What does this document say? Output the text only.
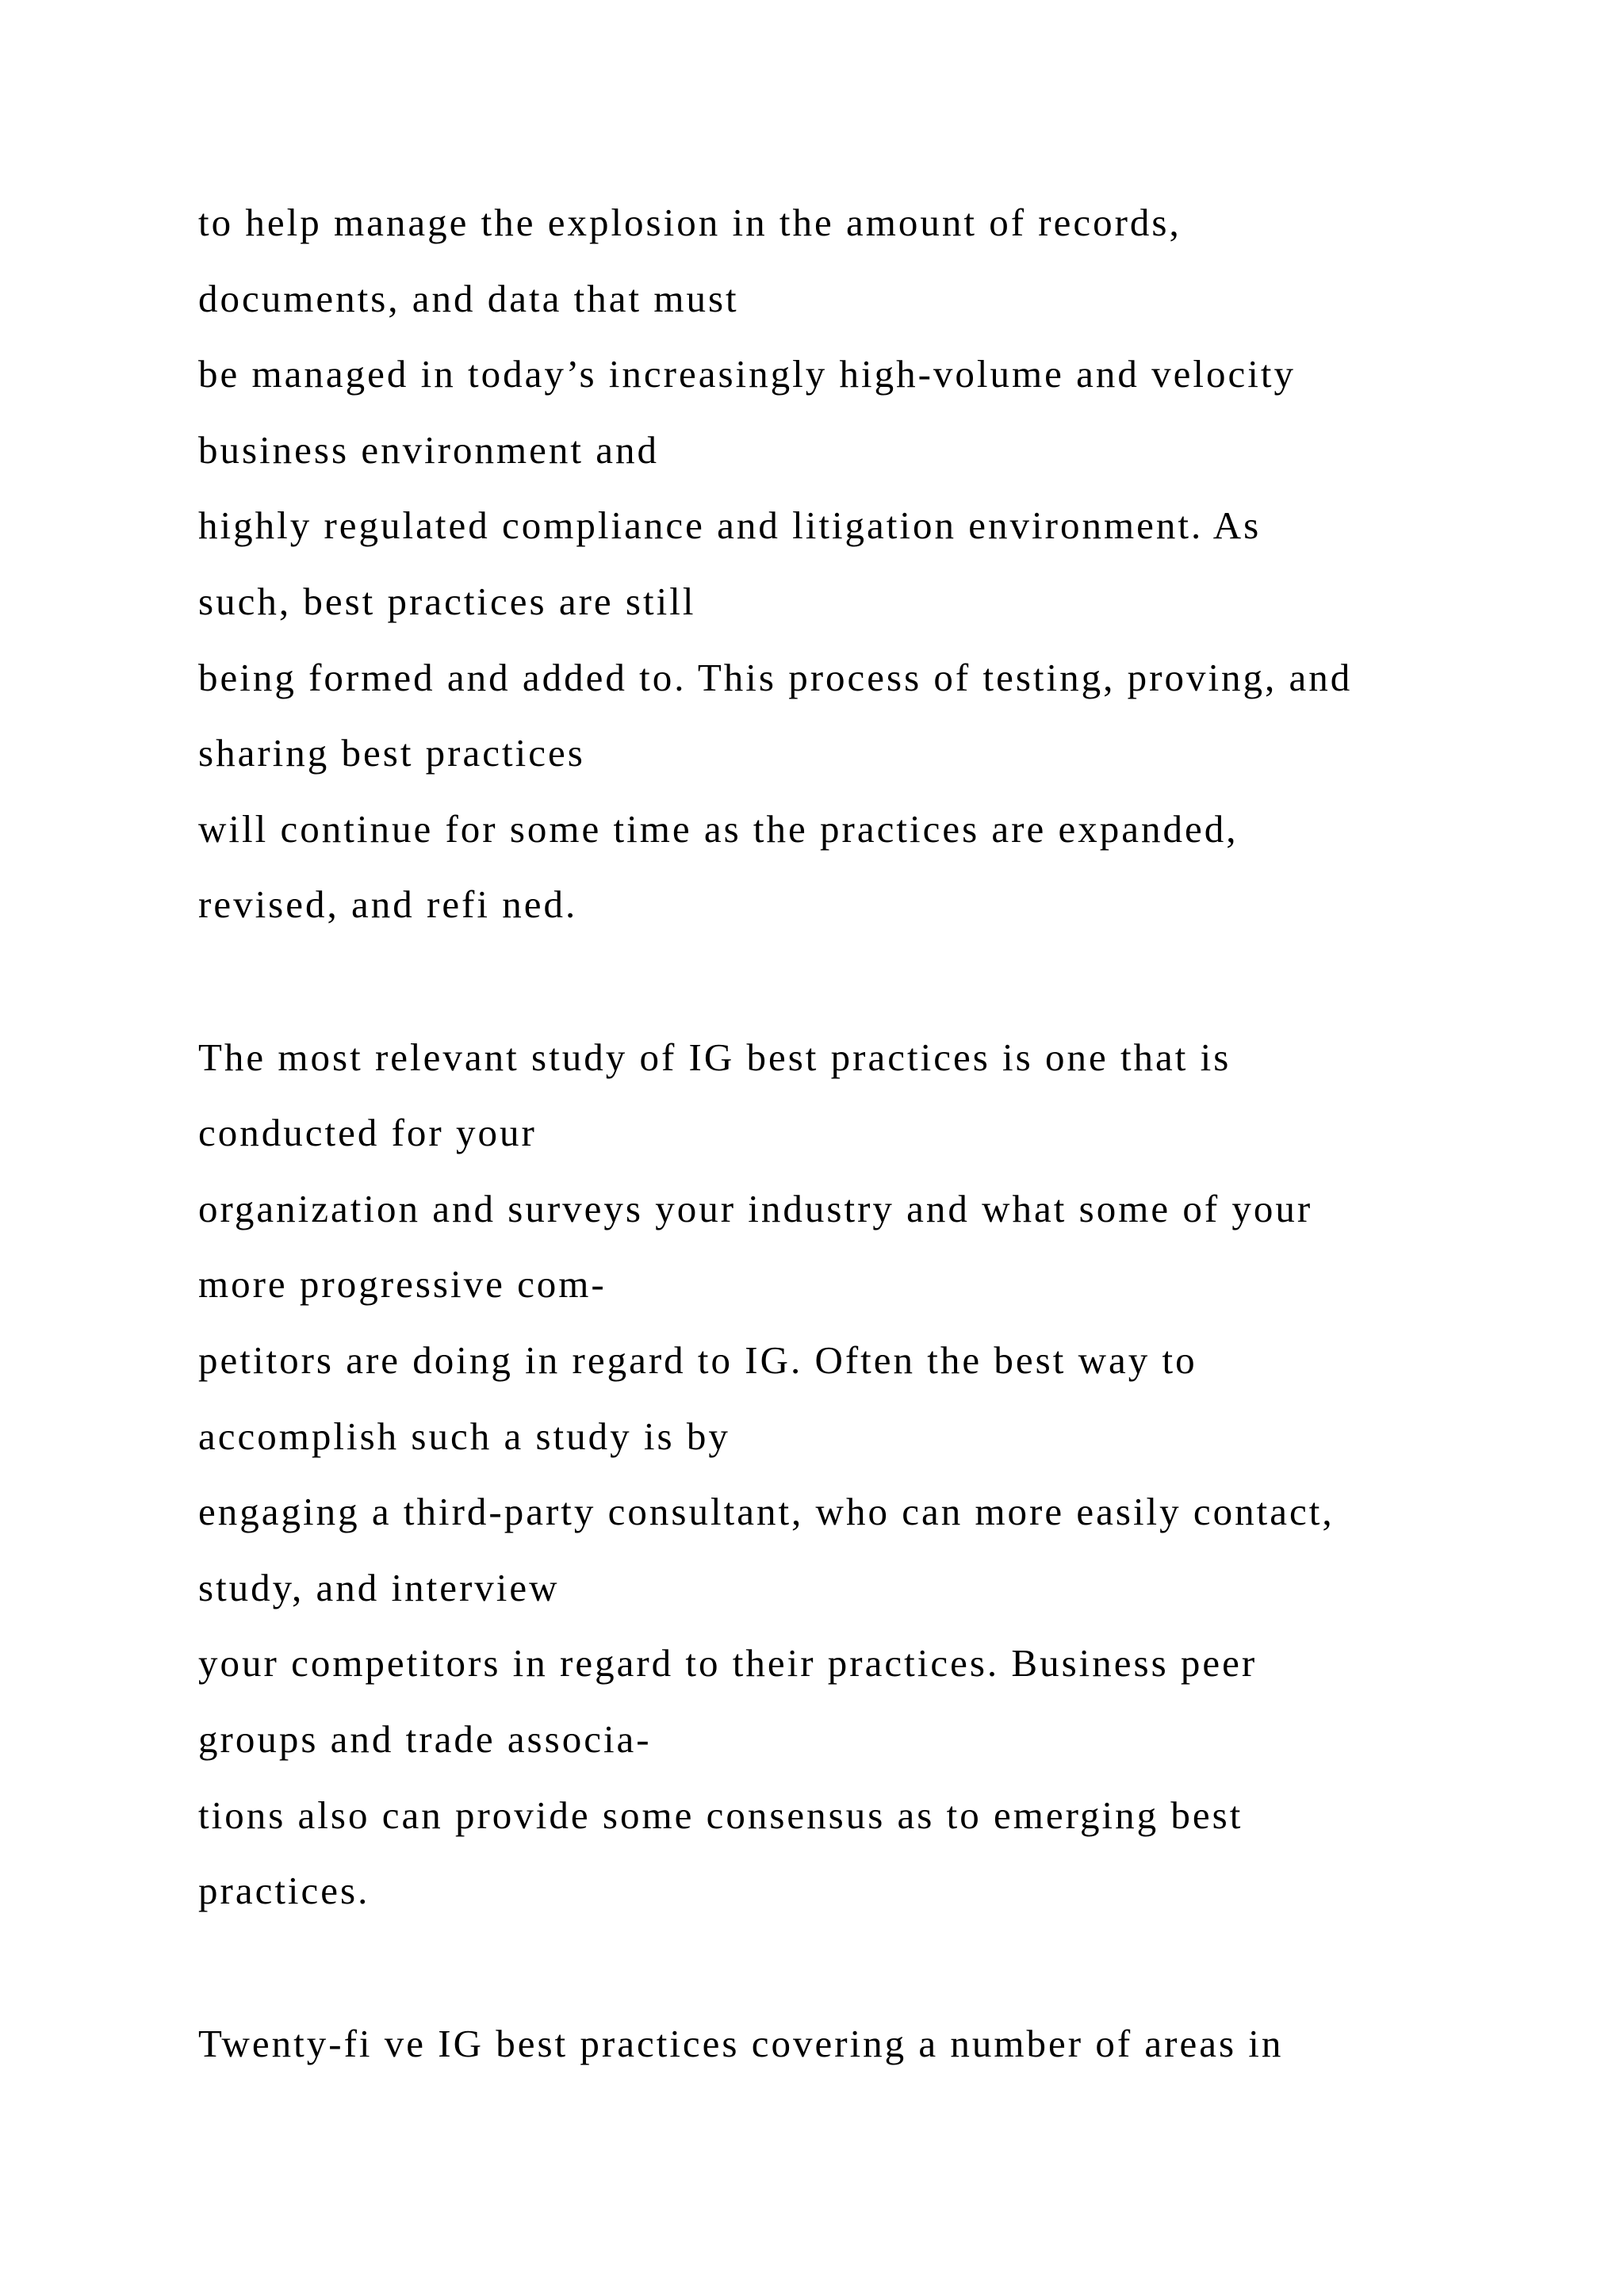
to help manage the explosion in the amount of records,
documents, and data that must
be managed in today’s increasingly high-volume and velocity
business environment and
highly regulated compliance and litigation environment. As
such, best practices are still
being formed and added to. This process of testing, proving, and
sharing best practices
will continue for some time as the practices are expanded,
revised, and refi ned.
The most relevant study of IG best practices is one that is
conducted for your
organization and surveys your industry and what some of your
more progressive com-
petitors are doing in regard to IG. Often the best way to
accomplish such a study is by
engaging a third-party consultant, who can more easily contact,
study, and interview
your competitors in regard to their practices. Business peer
groups and trade associa-
tions also can provide some consensus as to emerging best
practices.
Twenty-fi ve IG best practices covering a number of areas in
